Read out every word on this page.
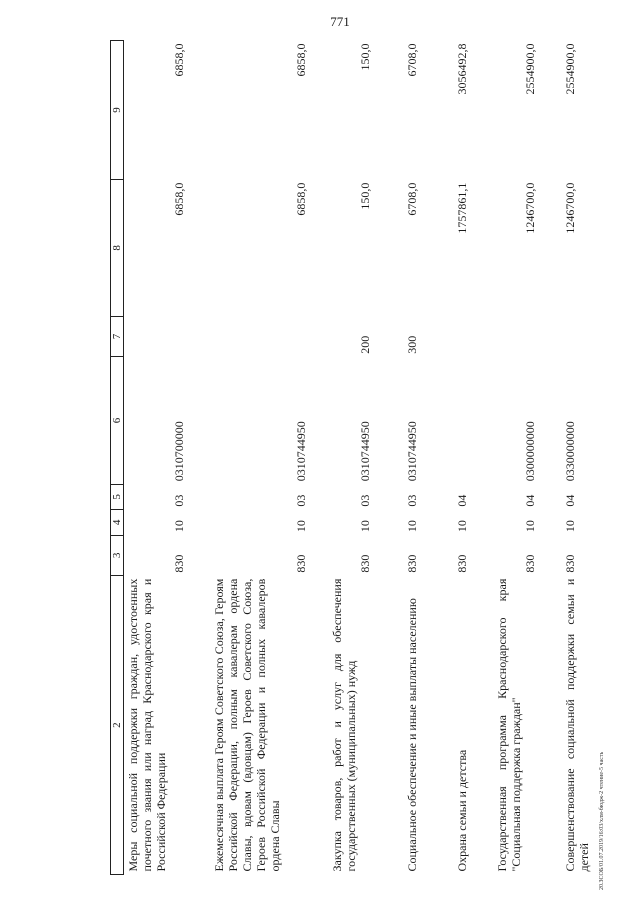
771
20.ЗСОБ/01.07.2019/16:03/хлм-бюдж-2 чтение-5 часть
2	3	4	5	6	7	8	9
Меры социальной поддержки граждан, удостоенных почетного звания или наград Краснодарского края и Российской Федерации	830	10	03	0310700000		6858,0	6858,0
Ежемесячная выплата Героям Советского Союза, Героям Российской Федерации, полным кавалерам ордена Славы, вдовам (вдовцам) Героев Советского Союза, Героев Российской Федерации и полных кавалеров ордена Славы	830	10	03	0310744950		6858,0	6858,0
Закупка товаров, работ и услуг для обеспечения государственных (муниципальных) нужд	830	10	03	0310744950	200	150,0	150,0
Социальное обеспечение и иные выплаты населению	830	10	03	0310744950	300	6708,0	6708,0
Охрана семьи и детства	830	10	04			1757861,1	3056492,8
Государственная программа Краснодарского края "Социальная поддержка граждан"	830	10	04	0300000000		1246700,0	2554900,0
Совершенствование социальной поддержки семьи и детей	830	10	04	0330000000		1246700,0	2554900,0
